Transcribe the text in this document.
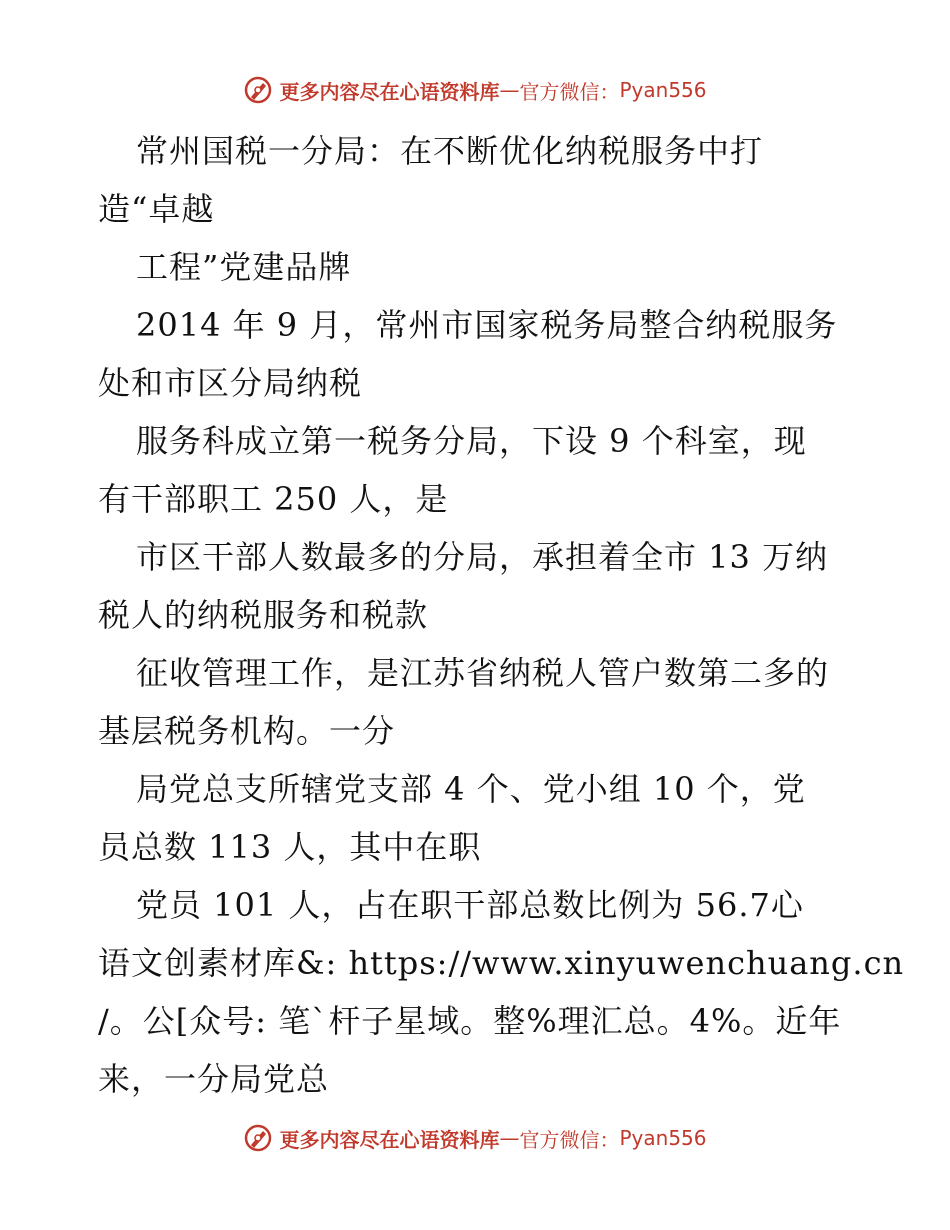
更多内容尽在心语资料库 — 官方微信： Pyan556
常州国税一分局：在不断优化纳税服务中打
造“卓越
工程”党建品牌
2014 年 9 月，常州市国家税务局整合纳税服务
处和市区分局纳税
服务科成立第一税务分局，下设 9 个科室，现
有干部职工 250 人，是
市区干部人数最多的分局，承担着全市 13 万纳
税人的纳税服务和税款
征收管理工作，是江苏省纳税人管户数第二多的
基层税务机构。一分
局党总支所辖党支部 4 个、党小组 10 个，党
员总数 113 人，其中在职
党员 101 人，占在职干部总数比例为 56.7心
语文创素材库&: https://www.xinyuwenchuang.cn
/。公[众号: 笔`杆子星域。整%理汇总。4%。近年
来，一分局党总
更多内容尽在心语资料库 — 官方微信： Pyan556
